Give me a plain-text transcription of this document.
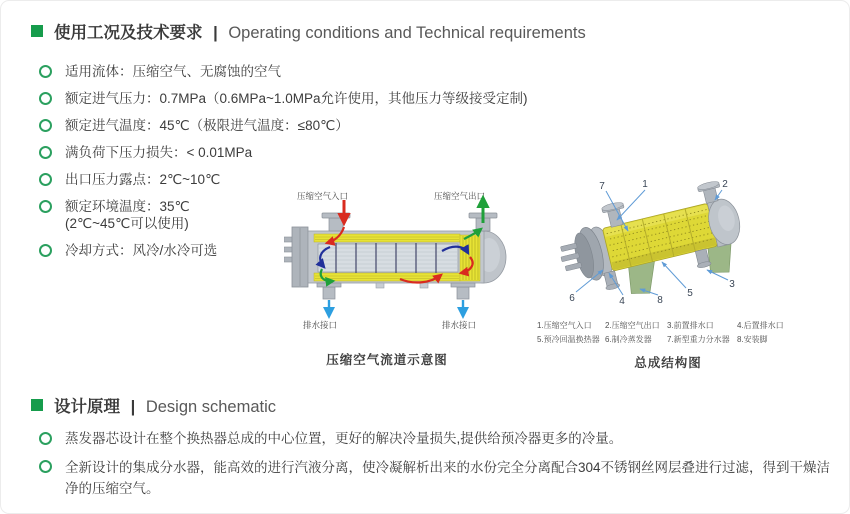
使用工况及技术要求 | Operating conditions and Technical requirements
适用流体：压缩空气、无腐蚀的空气
额定进气压力：0.7MPa（0.6MPa~1.0MPa允许使用，其他压力等级接受定制)
额定进气温度：45℃（极限进气温度：≤80℃）
满负荷下压力损失：< 0.01MPa
出口压力露点：2℃~10℃
额定环境温度：35℃
(2℃~45℃可以使用)
冷却方式：风冷/水冷可选
压缩空气入口	压缩空气出口
排水接口	排水接口
压缩空气流道示意图
7	1	2
6	4	8
5
3
1.压缩空气入口	2.压缩空气出口 3.前置排水口	4.后置排水口
5.预冷回温换热器 6.制冷蒸发器	7.新型重力分水器 8.安装脚
总成结构图
设计原理 | Design schematic
蒸发器芯设计在整个换热器总成的中心位置，更好的解决冷量损失,提供给预冷器更多的冷量。
全新设计的集成分水器，能高效的进行汽液分离，使冷凝解析出来的水份完全分离配合304不锈钢丝网层叠进行过滤，得到干燥洁净的压缩空气。
